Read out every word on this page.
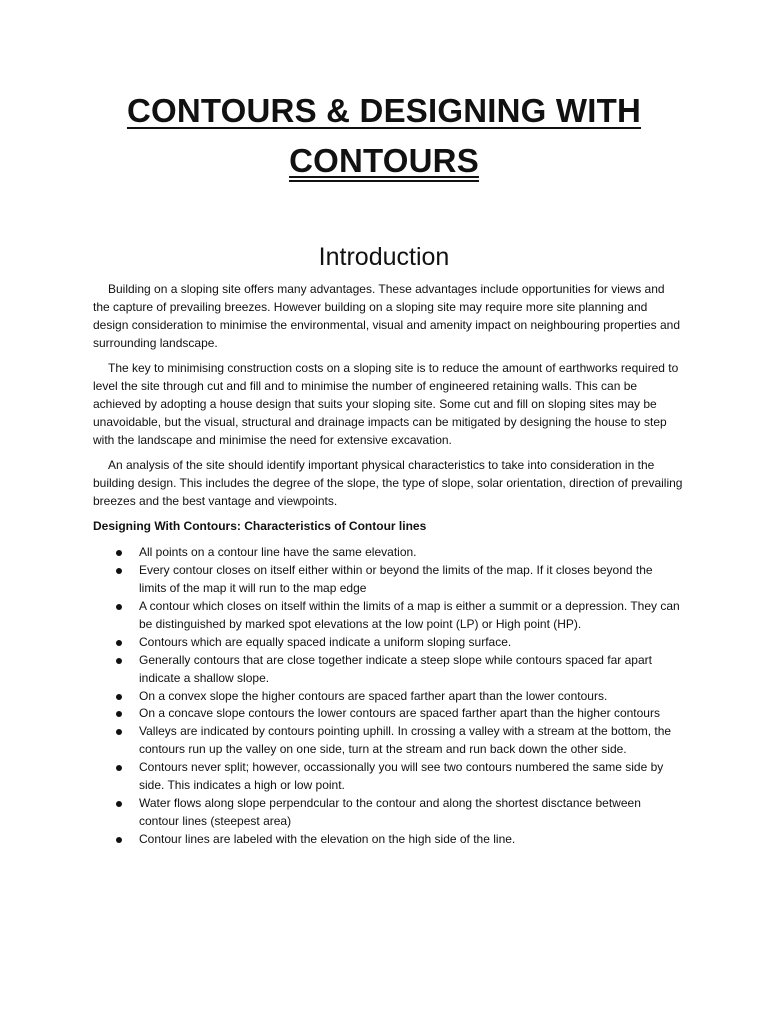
CONTOURS & DESIGNING WITH
CONTOURS
Introduction

Building on a sloping site offers many advantages. These advantages include opportunities for views and the capture of prevailing breezes. However building on a sloping site may require more site planning and design consideration to minimise the environmental, visual and amenity impact on neighbouring properties and surrounding landscape.

The key to minimising construction costs on a sloping site is to reduce the amount of earthworks required to level the site through cut and fill and to minimise the number of engineered retaining walls. This can be achieved by adopting a house design that suits your sloping site. Some cut and fill on sloping sites may be unavoidable, but the visual, structural and drainage impacts can be mitigated by designing the house to step with the landscape and minimise the need for extensive excavation.

An analysis of the site should identify important physical characteristics to take into consideration in the building design. This includes the degree of the slope, the type of slope, solar orientation, direction of prevailing breezes and the best vantage and viewpoints.

Designing With Contours: Characteristics of Contour lines

All points on a contour line have the same elevation.
Every contour closes on itself either within or beyond the limits of the map. If it closes beyond the limits of the map it will run to the map edge
A contour which closes on itself within the limits of a map is either a summit or a depression. They can be distinguished by marked spot elevations at the low point (LP) or High point (HP).
Contours which are equally spaced indicate a uniform sloping surface.
Generally contours that are close together indicate a steep slope while contours spaced far apart indicate a shallow slope.
On a convex slope the higher contours are spaced farther apart than the lower contours.
On a concave slope contours the lower contours are spaced farther apart than the higher contours
Valleys are indicated by contours pointing uphill. In crossing a valley with a stream at the bottom, the contours run up the valley on one side, turn at the stream and run back down the other side.
Contours never split; however, occassionally you will see two contours numbered the same side by side. This indicates a high or low point.
Water flows along slope perpendcular to the contour and along the shortest disctance between contour lines (steepest area)
Contour lines are labeled with the elevation on the high side of the line.
